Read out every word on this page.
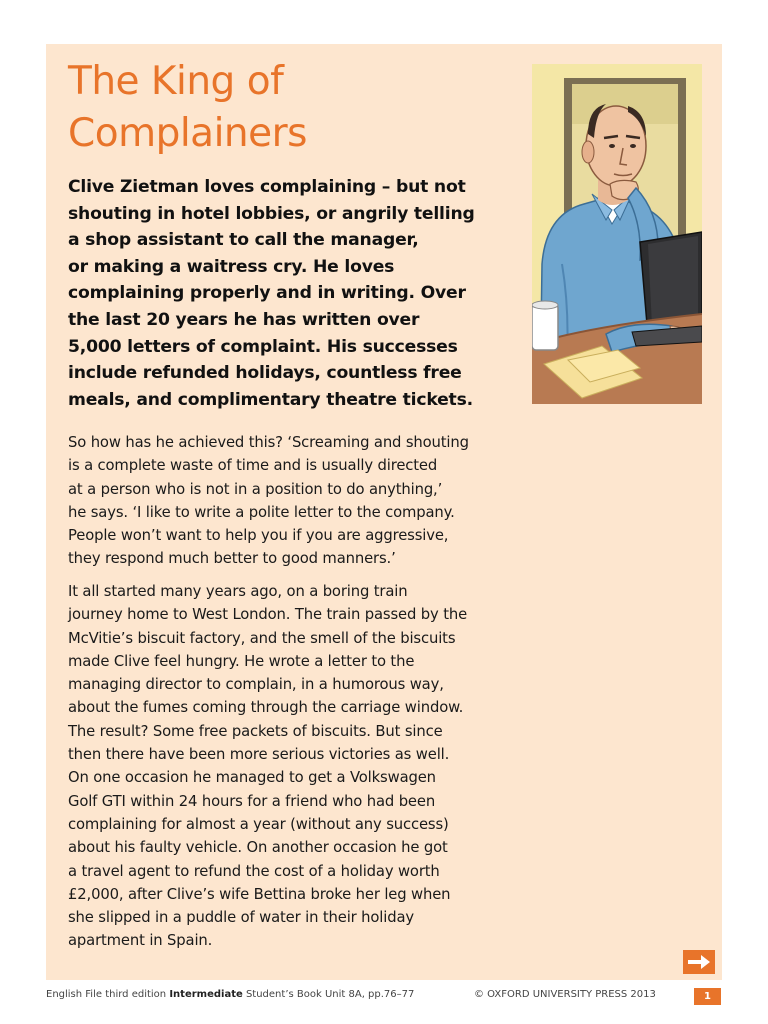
The King of
Complainers

Clive Zietman loves complaining – but not
shouting in hotel lobbies, or angrily telling
a shop assistant to call the manager,
or making a waitress cry. He loves
complaining properly and in writing. Over
the last 20 years he has written over
5,000 letters of complaint. His successes
include refunded holidays, countless free
meals, and complimentary theatre tickets.

So how has he achieved this? ‘Screaming and shouting
is a complete waste of time and is usually directed
at a person who is not in a position to do anything,’
he says. ‘I like to write a polite letter to the company.
People won’t want to help you if you are aggressive,
they respond much better to good manners.’

It all started many years ago, on a boring train
journey home to West London. The train passed by the
McVitie’s biscuit factory, and the smell of the biscuits
made Clive feel hungry. He wrote a letter to the
managing director to complain, in a humorous way,
about the fumes coming through the carriage window.
The result? Some free packets of biscuits. But since
then there have been more serious victories as well.
On one occasion he managed to get a Volkswagen
Golf GTI within 24 hours for a friend who had been
complaining for almost a year (without any success)
about his faulty vehicle. On another occasion he got
a travel agent to refund the cost of a holiday worth
£2,000, after Clive’s wife Bettina broke her leg when
she slipped in a puddle of water in their holiday
apartment in Spain.

English File third edition Intermediate Student’s Book Unit 8A, pp.76–77	© OXFORD UNIVERSITY PRESS 2013	1
